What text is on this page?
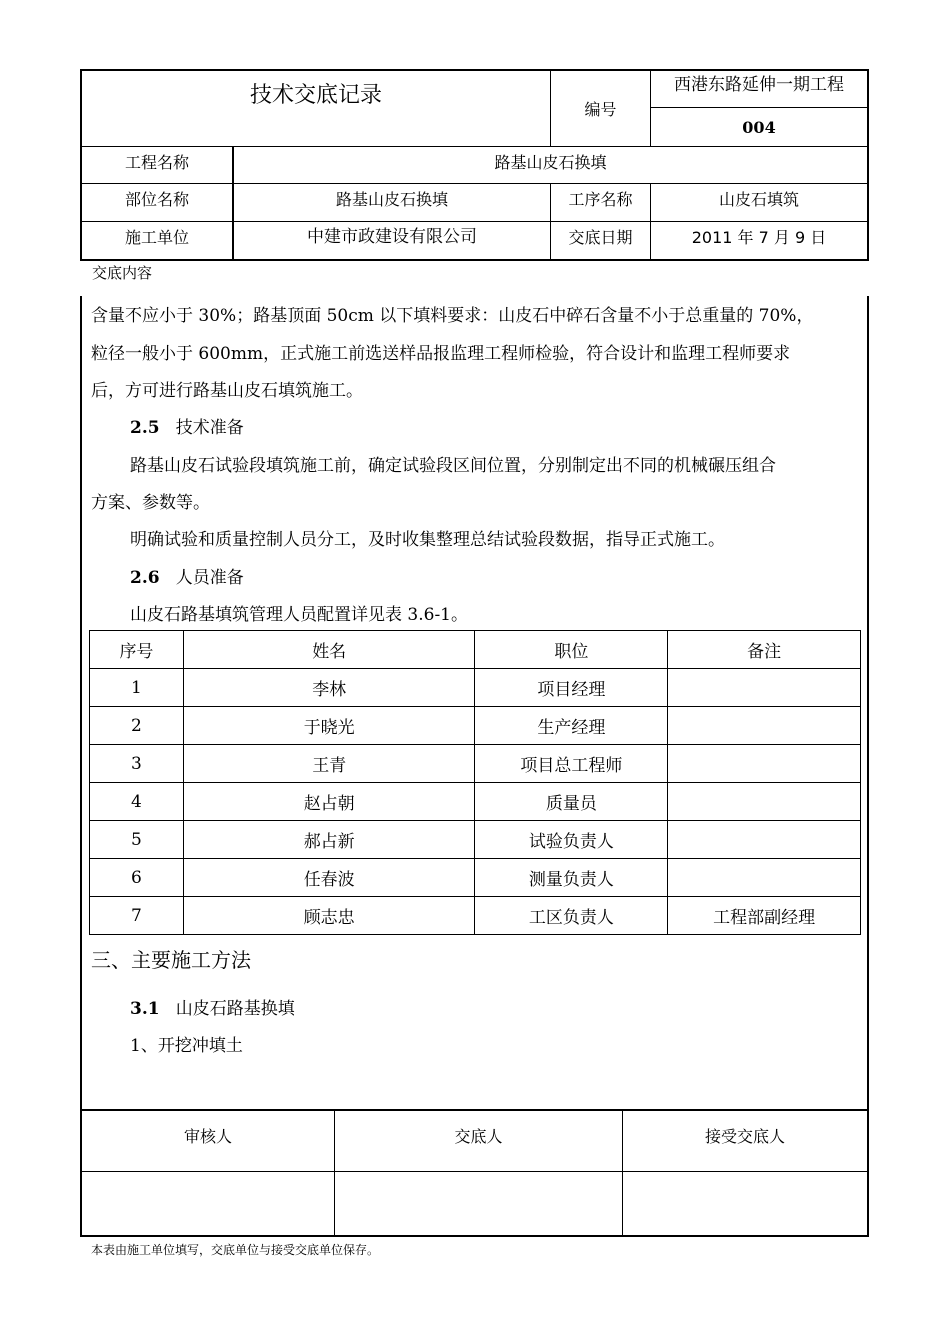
技术交底记录
编号
西港东路延伸一期工程
004
工程名称	路基山皮石换填
部位名称	路基山皮石换填	工序名称	山皮石填筑
施工单位	中建市政建设有限公司	交底日期	2011 年 7 月 9 日
交底内容
含量不应小于 30%；路基顶面 50cm 以下填料要求：山皮石中碎石含量不小于总重量的 70%，
粒径一般小于 600mm，正式施工前选送样品报监理工程师检验，符合设计和监理工程师要求
后，方可进行路基山皮石填筑施工。
2.5 技术准备
路基山皮石试验段填筑施工前，确定试验段区间位置，分别制定出不同的机械碾压组合
方案、参数等。
明确试验和质量控制人员分工，及时收集整理总结试验段数据，指导正式施工。
2.6 人员准备
山皮石路基填筑管理人员配置详见表 3.6-1。
序号	姓名	职位	备注
1	李林	项目经理	
2	于晓光	生产经理	
3	王青	项目总工程师	
4	赵占朝	质量员	
5	郝占新	试验负责人	
6	任春波	测量负责人	
7	顾志忠	工区负责人	工程部副经理
三、主要施工方法
3.1 山皮石路基换填
1、开挖冲填土
审核人	交底人	接受交底人
本表由施工单位填写，交底单位与接受交底单位保存。
